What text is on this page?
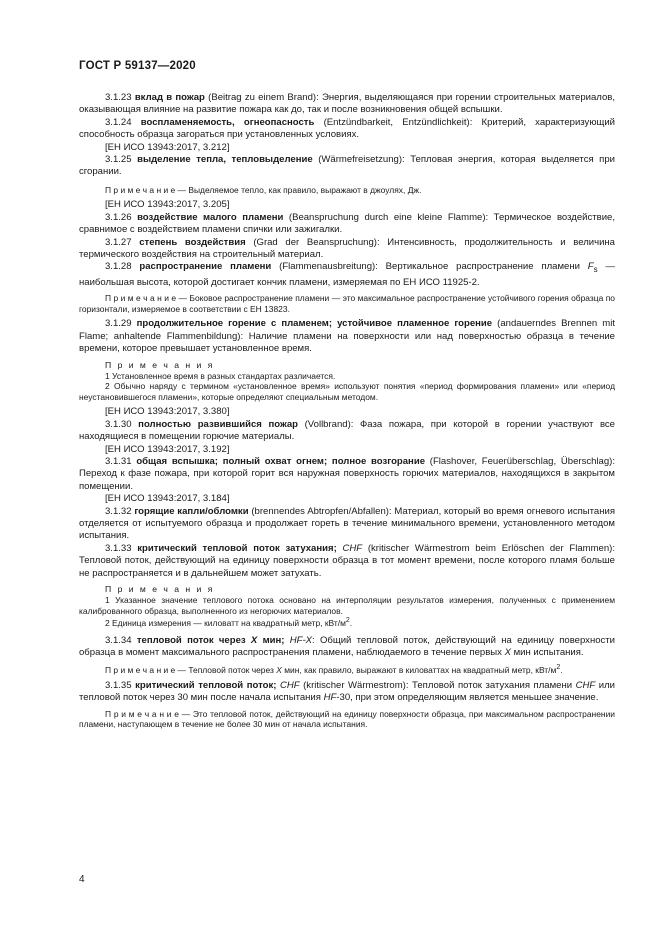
ГОСТ Р 59137—2020

3.1.23 вклад в пожар (Beitrag zu einem Brand): Энергия, выделяющаяся при горении строительных материалов, оказывающая влияние на развитие пожара как до, так и после возникновения общей вспышки.

3.1.24 воспламеняемость, огнеопасность (Entzündbarkeit, Entzündlichkeit): Критерий, характеризующий способность образца загораться при установленных условиях.

[ЕН ИСО 13943:2017, 3.212]

3.1.25 выделение тепла, тепловыделение (Wärmefreisetzung): Тепловая энергия, которая выделяется при сгорании.

П р и м е ч а н и е — Выделяемое тепло, как правило, выражают в джоулях, Дж.

[ЕН ИСО 13943:2017, 3.205]

3.1.26 воздействие малого пламени (Beanspruchung durch eine kleine Flamme): Термическое воздействие, сравнимое с воздействием пламени спички или зажигалки.

3.1.27 степень воздействия (Grad der Beanspruchung): Интенсивность, продолжительность и величина термического воздействия на строительный материал.

3.1.28 распространение пламени (Flammenausbreitung): Вертикальное распространение пламени $F_s$ — наибольшая высота, которой достигает кончик пламени, измеряемая по ЕН ИСО 11925-2.

П р и м е ч а н и е — Боковое распространение пламени — это максимальное распространение устойчивого горения образца по горизонтали, измеряемое в соответствии с ЕН 13823.

3.1.29 продолжительное горение с пламенем; устойчивое пламенное горение (andauerndes Brennen mit Flame; anhaltende Flammenbildung): Наличие пламени на поверхности или над поверхностью образца в течение времени, которое превышает установленное время.

П р и м е ч а н и я

1 Установленное время в разных стандартах различается.

2 Обычно наряду с термином «установленное время» используют понятия «период формирования пламени» или «период неустановившегося пламени», которые определяют специальным методом.

[ЕН ИСО 13943:2017, 3.380]

3.1.30 полностью развившийся пожар (Vollbrand): Фаза пожара, при которой в горении участвуют все находящиеся в помещении горючие материалы.

[ЕН ИСО 13943:2017, 3.192]

3.1.31 общая вспышка; полный охват огнем; полное возгорание (Flashover, Feuerüberschlag, Überschlag): Переход к фазе пожара, при которой горит вся наружная поверхность горючих материалов, находящихся в закрытом помещении.

[ЕН ИСО 13943:2017, 3.184]

3.1.32 горящие капли/обломки (brennendes Abtropfen/Abfallen): Материал, который во время огневого испытания отделяется от испытуемого образца и продолжает гореть в течение минимального времени, установленного методом испытания.

3.1.33 критический тепловой поток затухания; CHF (kritischer Wärmestrom beim Erlöschen der Flammen): Тепловой поток, действующий на единицу поверхности образца в тот момент времени, после которого пламя больше не распространяется и в дальнейшем может затухать.

П р и м е ч а н и я

1 Указанное значение теплового потока основано на интерполяции результатов измерения, полученных с применением калиброванного образца, выполненного из негорючих материалов.

2 Единица измерения — киловатт на квадратный метр, кВт/$м^2$.

3.1.34 тепловой поток через X мин; HF-X: Общий тепловой поток, действующий на единицу поверхности образца в момент максимального распространения пламени, наблюдаемого в течение первых X мин испытания.

П р и м е ч а н и е — Тепловой поток через X мин, как правило, выражают в киловаттах на квадратный метр, кВт/$м^2$.

3.1.35 критический тепловой поток; CHF (kritischer Wärmestrom): Тепловой поток затухания пламени CHF или тепловой поток через 30 мин после начала испытания HF-30, при этом определяющим является меньшее значение.

П р и м е ч а н и е — Это тепловой поток, действующий на единицу поверхности образца, при максимальном распространении пламени, наступающем в течение не более 30 мин от начала испытания.

4
